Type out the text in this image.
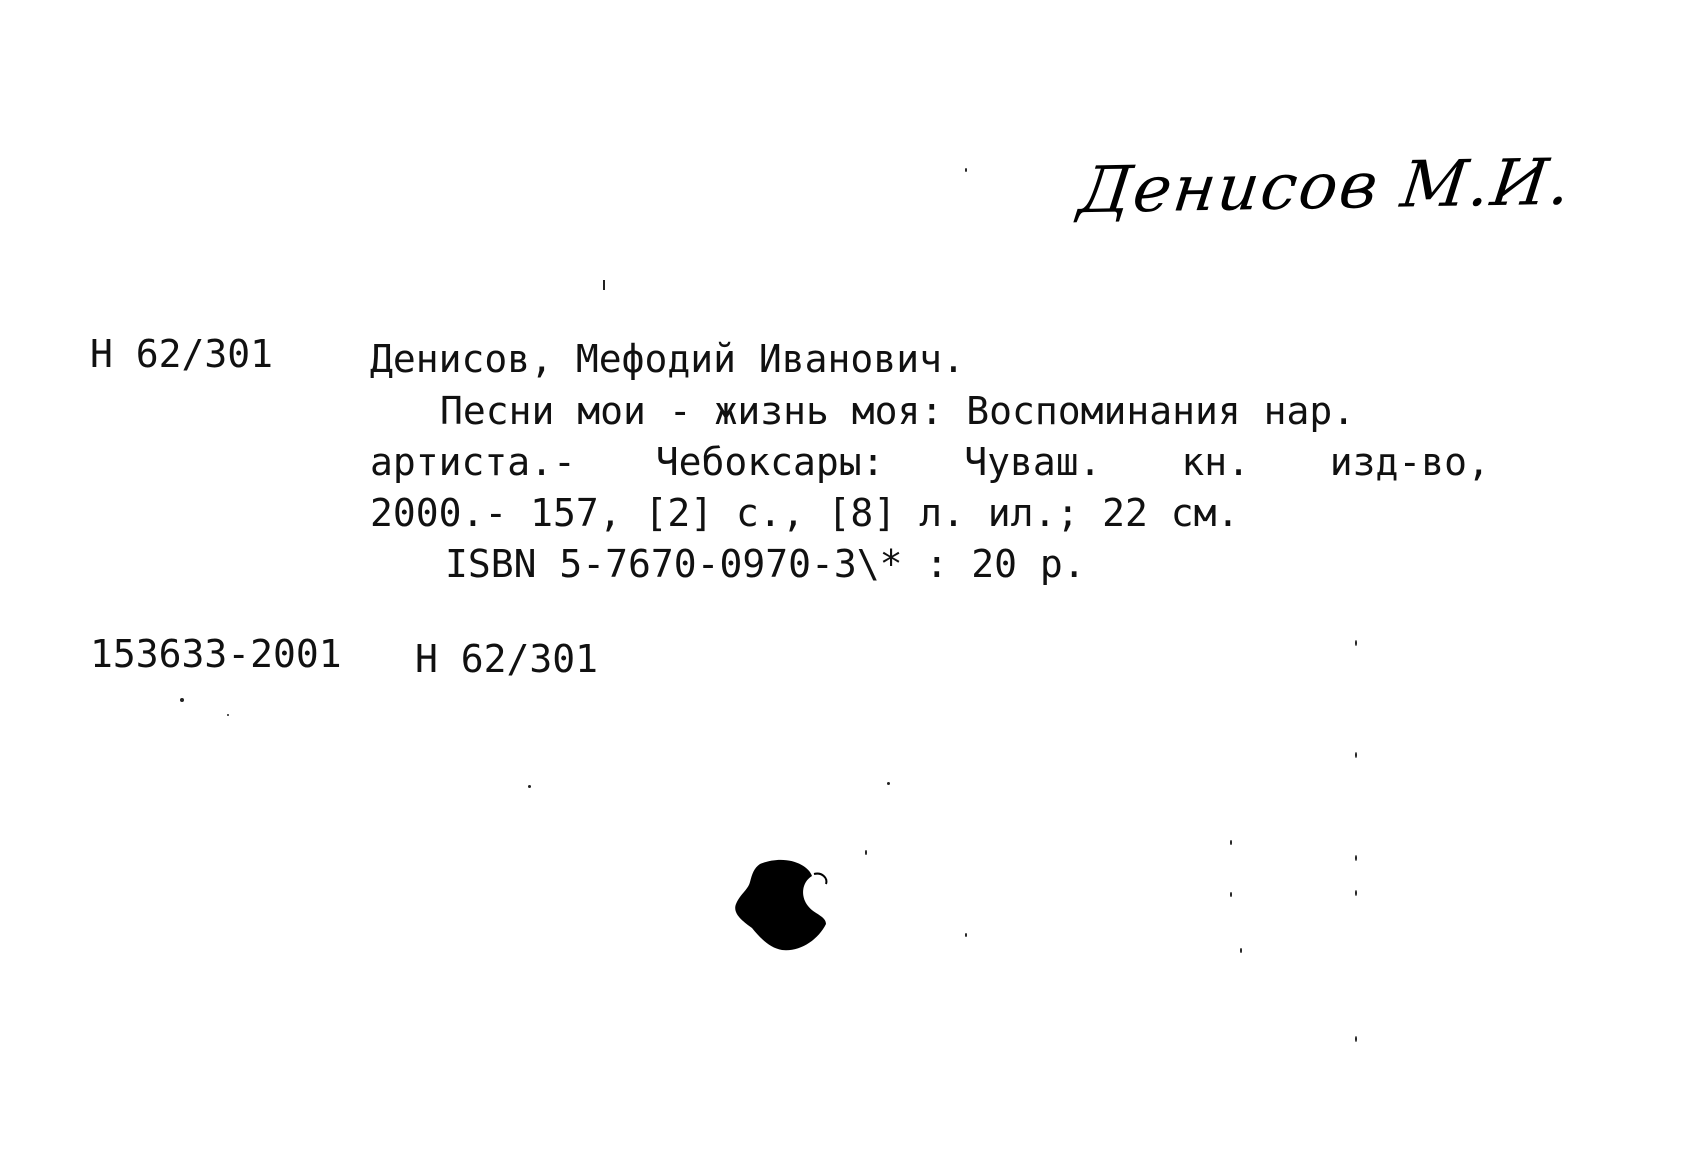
Денисов М.И.
Н 62/301	Денисов, Мефодий Иванович.
Песни мои - жизнь моя: Воспоминания нар.
артиста.- Чебоксары: Чуваш. кн. изд-во,
2000.- 157, [2] с., [8] л. ил.; 22 см.
ISBN 5-7670-0970-3\* : 20 р.
153633-2001 Н 62/301
